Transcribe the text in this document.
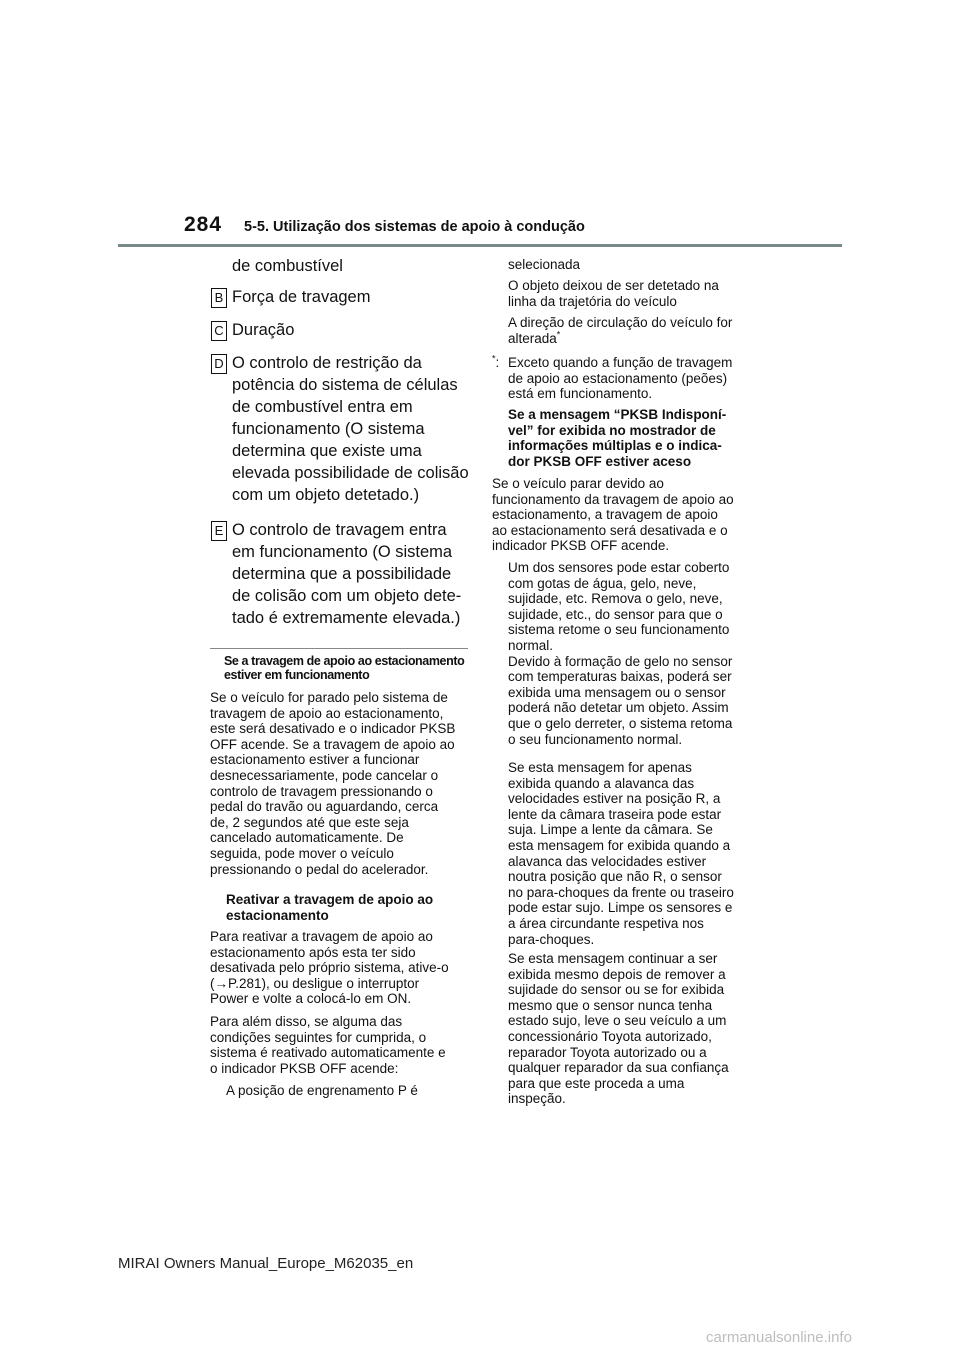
284 5-5. Utilização dos sistemas de apoio à condução

de combustível

B Força de travagem

C Duração

D O controlo de restrição da
potência do sistema de células
de combustível entra em
funcionamento (O sistema
determina que existe uma
elevada possibilidade de colisão
com um objeto detetado.)
E O controlo de travagem entra
em funcionamento (O sistema
determina que a possibilidade
de colisão com um objeto dete-
tado é extremamente elevada.)
Se a travagem de apoio ao estacionamento
estiver em funcionamento
Se o veículo for parado pelo sistema de
travagem de apoio ao estacionamento,
este será desativado e o indicador PKSB
OFF acende. Se a travagem de apoio ao
estacionamento estiver a funcionar
desnecessariamente, pode cancelar o
controlo de travagem pressionando o
pedal do travão ou aguardando, cerca
de, 2 segundos até que este seja
cancelado automaticamente. De
seguida, pode mover o veículo
pressionando o pedal do acelerador.
Reativar a travagem de apoio ao
estacionamento
Para reativar a travagem de apoio ao
estacionamento após esta ter sido
desativada pelo próprio sistema, ative-o
(→P.281), ou desligue o interruptor
Power e volte a colocá-lo em ON.
Para além disso, se alguma das
condições seguintes for cumprida, o
sistema é reativado automaticamente e
o indicador PKSB OFF acende:

A posição de engrenamento P é

selecionada

O objeto deixou de ser detetado na
linha da trajetória do veículo
A direção de circulação do veículo for
alterada*
*: Exceto quando a função de travagem
de apoio ao estacionamento (peões)
está em funcionamento.
Se a mensagem “PKSB Indisponí-
vel” for exibida no mostrador de
informações múltiplas e o indica-
dor PKSB OFF estiver aceso
Se o veículo parar devido ao
funcionamento da travagem de apoio ao
estacionamento, a travagem de apoio
ao estacionamento será desativada e o
indicador PKSB OFF acende.
Um dos sensores pode estar coberto
com gotas de água, gelo, neve,
sujidade, etc. Remova o gelo, neve,
sujidade, etc., do sensor para que o
sistema retome o seu funcionamento
normal.
Devido à formação de gelo no sensor
com temperaturas baixas, poderá ser
exibida uma mensagem ou o sensor
poderá não detetar um objeto. Assim
que o gelo derreter, o sistema retoma
o seu funcionamento normal.
Se esta mensagem for apenas
exibida quando a alavanca das
velocidades estiver na posição R, a
lente da câmara traseira pode estar
suja. Limpe a lente da câmara. Se
esta mensagem for exibida quando a
alavanca das velocidades estiver
noutra posição que não R, o sensor
no para-choques da frente ou traseiro
pode estar sujo. Limpe os sensores e
a área circundante respetiva nos
para-choques.
Se esta mensagem continuar a ser
exibida mesmo depois de remover a
sujidade do sensor ou se for exibida
mesmo que o sensor nunca tenha
estado sujo, leve o seu veículo a um
concessionário Toyota autorizado,
reparador Toyota autorizado ou a
qualquer reparador da sua confiança
para que este proceda a uma
inspeção.
MIRAI Owners Manual_Europe_M62035_en
carmanualsonline.info
